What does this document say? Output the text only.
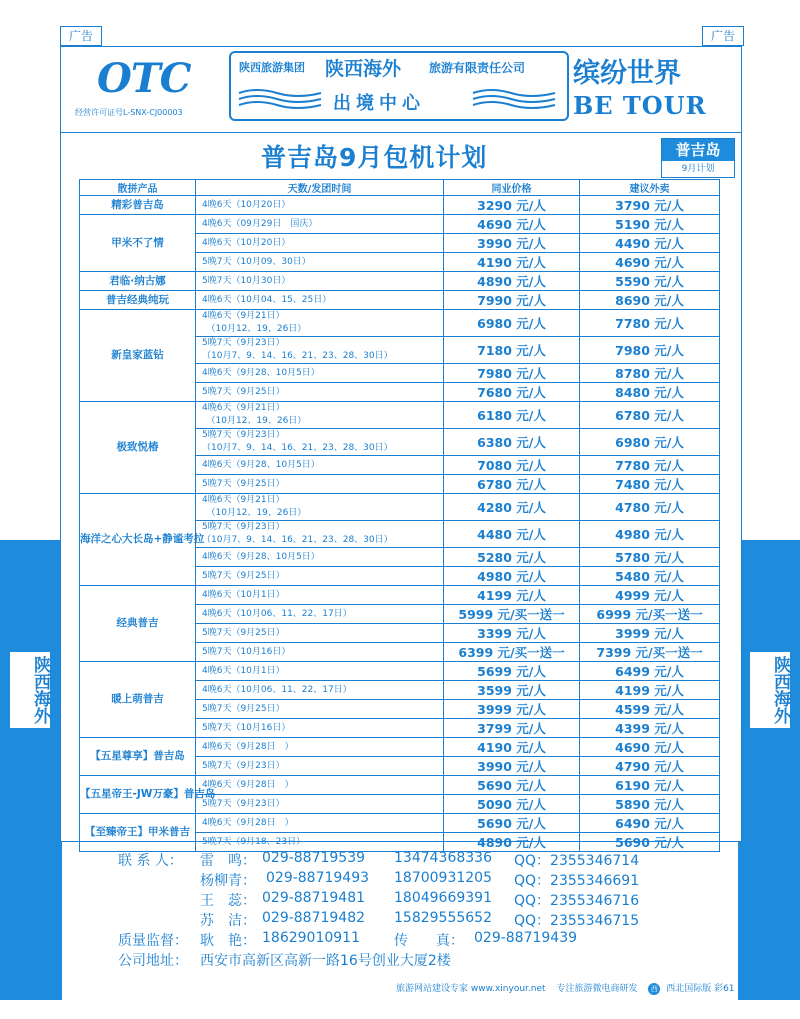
陕西海外	陕西海外
广告	广告
OTC
经营许可证号L-SNX-CJ00003
陕西旅游集团 陕西海外 旅游有限责任公司
出境中心
缤纷世界
BE TOUR
普吉岛9月包机计划	普吉岛
9月计划
散拼产品	天数/发团时间	同业价格	建议外卖
精彩普吉岛	4晚6天（10月20日）	3290 元/人	3790 元/人
甲米不了情	4晚6天（09月29日　国庆）	4690 元/人	5190 元/人
	4晚6天（10月20日）	3990 元/人	4490 元/人
	5晚7天（10月09、30日）	4190 元/人	4690 元/人
君临·纳古娜	5晚7天（10月30日）	4890 元/人	5590 元/人
普吉经典纯玩	4晚6天（10月04、15、25日）	7990 元/人	8690 元/人
新皇家蓝钻	4晚6天（9月21日）
　（10月12、19、26日）	6980 元/人	7780 元/人
	5晚7天（9月23日）
（10月7、9、14、16、21、23、28、30日）	7180 元/人	7980 元/人
	4晚6天（9月28、10月5日）	7980 元/人	8780 元/人
	5晚7天（9月25日）	7680 元/人	8480 元/人
极致悦椿	4晚6天（9月21日）
　（10月12、19、26日）	6180 元/人	6780 元/人
	5晚7天（9月23日）
（10月7、9、14、16、21、23、28、30日）	6380 元/人	6980 元/人
	4晚6天（9月28、10月5日）	7080 元/人	7780 元/人
	5晚7天（9月25日）	6780 元/人	7480 元/人
海洋之心大长岛+静谧考拉	4晚6天（9月21日）
　（10月12、19、26日）	4280 元/人	4780 元/人
	5晚7天（9月23日）
（10月7、9、14、16、21、23、28、30日）	4480 元/人	4980 元/人
	4晚6天（9月28、10月5日）	5280 元/人	5780 元/人
	5晚7天（9月25日）	4980 元/人	5480 元/人
经典普吉	4晚6天（10月1日）	4199 元/人	4999 元/人
	4晚6天（10月06、11、22、17日）	5999 元/买一送一	6999 元/买一送一
	5晚7天（9月25日）	3399 元/人	3999 元/人
	5晚7天（10月16日）	6399 元/买一送一	7399 元/买一送一
暖上萌普吉	4晚6天（10月1日）	5699 元/人	6499 元/人
	4晚6天（10月06、11、22、17日）	3599 元/人	4199 元/人
	5晚7天（9月25日）	3999 元/人	4599 元/人
	5晚7天（10月16日）	3799 元/人	4399 元/人
【五星尊享】普吉岛	4晚6天（9月28日　）	4190 元/人	4690 元/人
	5晚7天（9月23日）	3990 元/人	4790 元/人
【五星帝王-JW万豪】普吉岛	4晚6天（9月28日　）	5690 元/人	6190 元/人
	5晚7天（9月23日）	5090 元/人	5890 元/人
【至臻帝王】甲米普吉	4晚6天（9月28日　）	5690 元/人	6490 元/人
	5晚7天（9月18、23日）	4890 元/人	5690 元/人
联 系 人： 雷　鸣： 029-88719539 13474368336 QQ：2355346714
杨柳青： 029-88719493 18700931205 QQ：2355346691
王　蕊： 029-88719481 18049669391 QQ：2355346716
苏　洁： 029-88719482 15829555652 QQ：2355346715
质量监督： 耿　艳： 18629010911 传　　真： 029-88719439
公司地址： 西安市高新区高新一路16号创业大厦2楼
旅游网站建设专家 www.xinyour.net 专注旅游微电商研发 西 西北国际版 彩61
